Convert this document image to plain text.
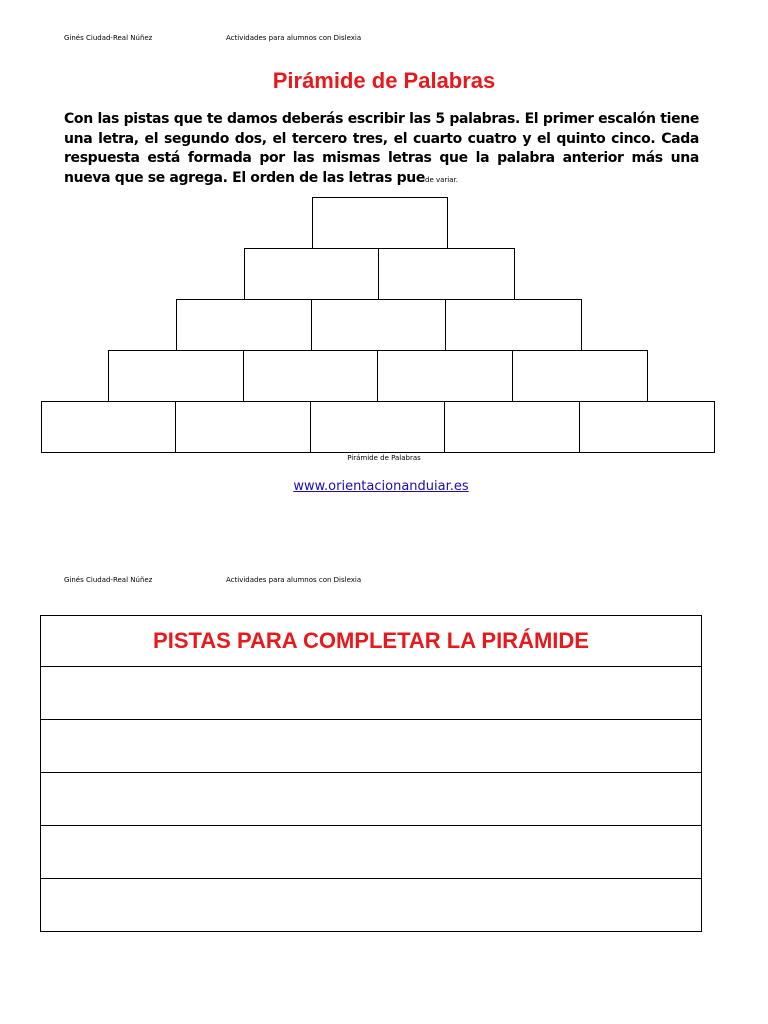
Ginés Ciudad-Real Núñez	Actividades para alumnos con Dislexia
Pirámide de Palabras
Con las pistas que te damos deberás escribir las 5 palabras. El primer escalón tiene una letra, el segundo dos, el tercero tres, el cuarto cuatro y el quinto cinco. Cada respuesta está formada por las mismas letras que la palabra anterior más una nueva que se agrega. El orden de las letras puede variar.
Pirámide de Palabras
www.orientacionanduiar.es
Ginés Ciudad-Real Núñez	Actividades para alumnos con Dislexia
PISTAS PARA COMPLETAR LA PIRÁMIDE
